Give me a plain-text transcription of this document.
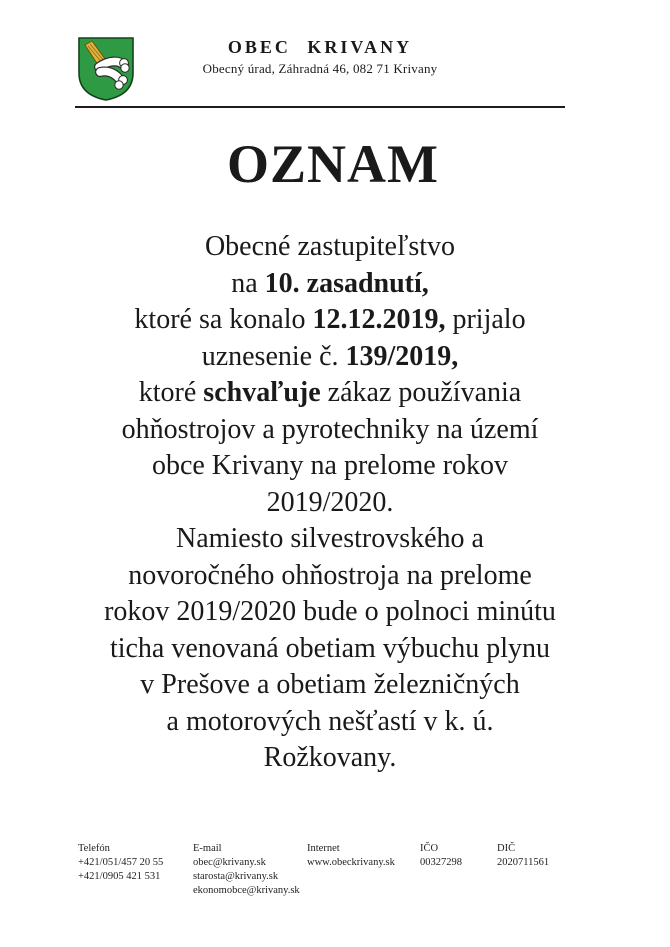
OBEC KRIVANY
Obecný úrad, Záhradná 46, 082 71 Krivany
OZNAM
Obecné zastupiteľstvo
na 10. zasadnutí,
ktoré sa konalo 12.12.2019, prijalo
uznesenie č. 139/2019,
ktoré schvaľuje zákaz používania
ohňostrojov a pyrotechniky na území
obce Krivany na prelome rokov
2019/2020.
Namiesto silvestrovského a
novoročného ohňostroja na prelome
rokov 2019/2020 bude o polnoci minútu
ticha venovaná obetiam výbuchu plynu
v Prešove a obetiam železničných
a motorových nešťastí v k. ú.
Rožkovany.
Telefón
+421/051/457 20 55
+421/0905 421 531
E-mail
obec@krivany.sk
starosta@krivany.sk
ekonomobce@krivany.sk
Internet
www.obeckrivany.sk
IČO
00327298
DIČ
2020711561
